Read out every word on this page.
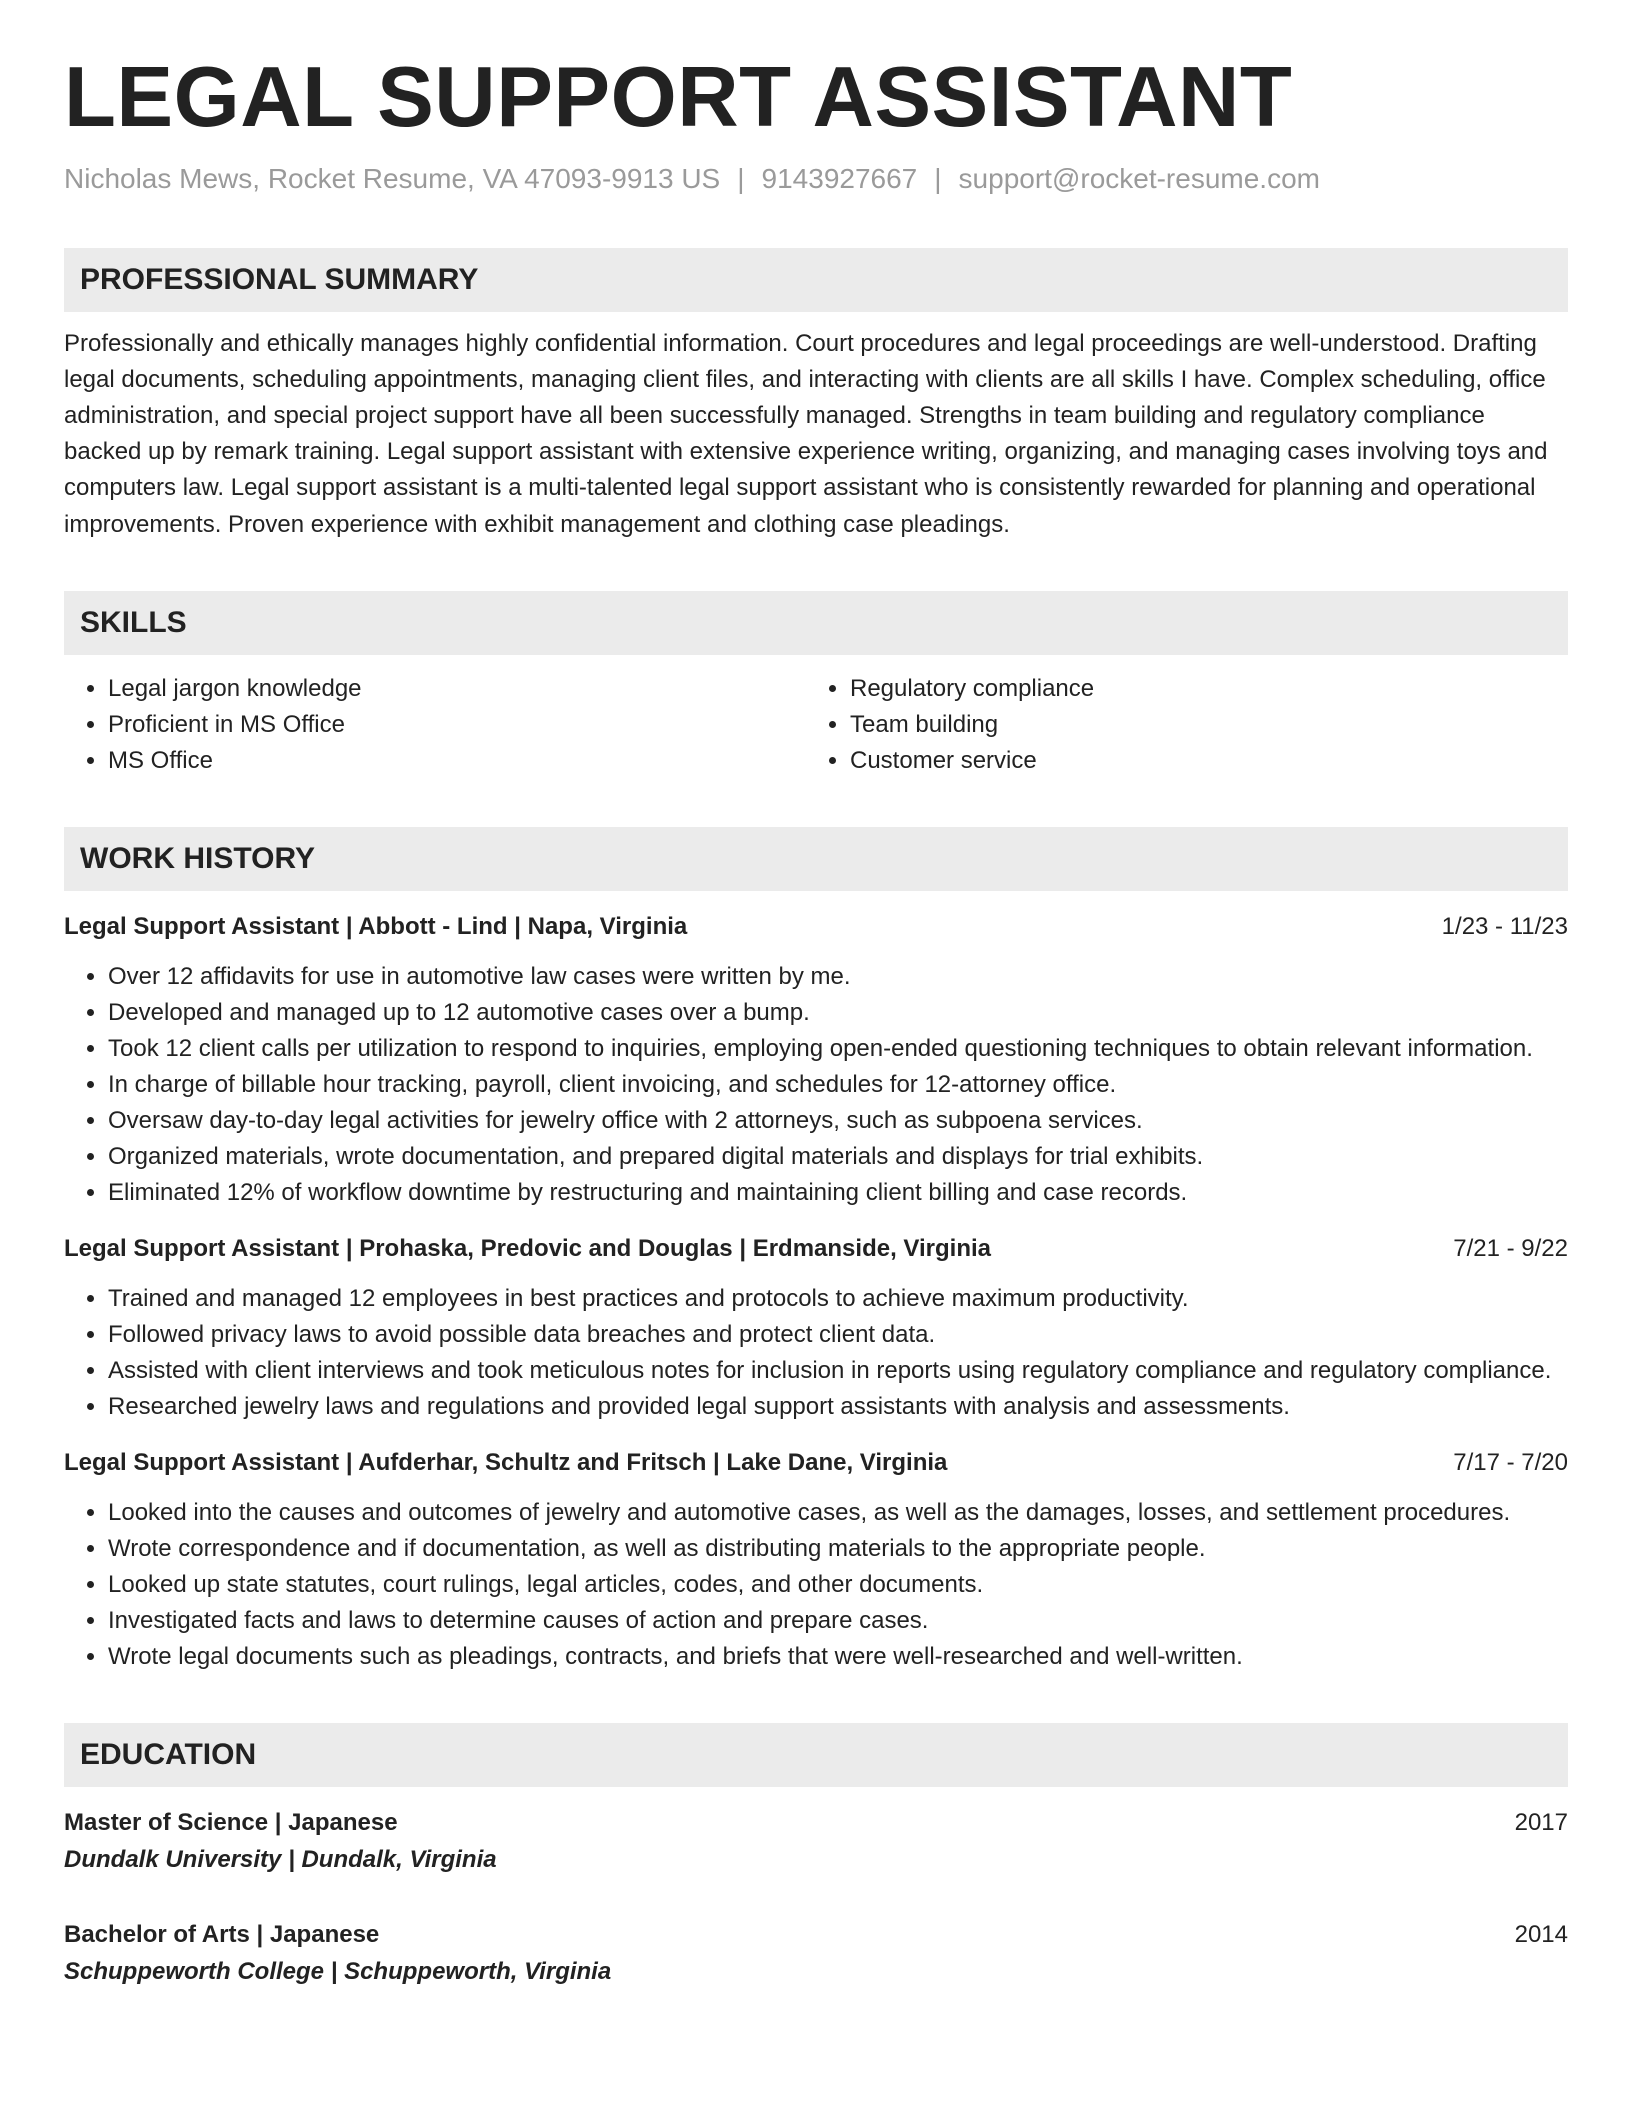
LEGAL SUPPORT ASSISTANT
Nicholas Mews, Rocket Resume, VA 47093-9913 US | 9143927667 | support@rocket-resume.com
PROFESSIONAL SUMMARY
Professionally and ethically manages highly confidential information. Court procedures and legal proceedings are well-understood. Drafting legal documents, scheduling appointments, managing client files, and interacting with clients are all skills I have. Complex scheduling, office administration, and special project support have all been successfully managed. Strengths in team building and regulatory compliance backed up by remark training. Legal support assistant with extensive experience writing, organizing, and managing cases involving toys and computers law. Legal support assistant is a multi-talented legal support assistant who is consistently rewarded for planning and operational improvements. Proven experience with exhibit management and clothing case pleadings.
SKILLS
• Legal jargon knowledge
• Proficient in MS Office
• MS Office
• Regulatory compliance
• Team building
• Customer service
WORK HISTORY
Legal Support Assistant | Abbott - Lind | Napa, Virginia	1/23 - 11/23
• Over 12 affidavits for use in automotive law cases were written by me.
• Developed and managed up to 12 automotive cases over a bump.
• Took 12 client calls per utilization to respond to inquiries, employing open-ended questioning techniques to obtain relevant information.
• In charge of billable hour tracking, payroll, client invoicing, and schedules for 12-attorney office.
• Oversaw day-to-day legal activities for jewelry office with 2 attorneys, such as subpoena services.
• Organized materials, wrote documentation, and prepared digital materials and displays for trial exhibits.
• Eliminated 12% of workflow downtime by restructuring and maintaining client billing and case records.
Legal Support Assistant | Prohaska, Predovic and Douglas | Erdmanside, Virginia	7/21 - 9/22
• Trained and managed 12 employees in best practices and protocols to achieve maximum productivity.
• Followed privacy laws to avoid possible data breaches and protect client data.
• Assisted with client interviews and took meticulous notes for inclusion in reports using regulatory compliance and regulatory compliance.
• Researched jewelry laws and regulations and provided legal support assistants with analysis and assessments.
Legal Support Assistant | Aufderhar, Schultz and Fritsch | Lake Dane, Virginia	7/17 - 7/20
• Looked into the causes and outcomes of jewelry and automotive cases, as well as the damages, losses, and settlement procedures.
• Wrote correspondence and if documentation, as well as distributing materials to the appropriate people.
• Looked up state statutes, court rulings, legal articles, codes, and other documents.
• Investigated facts and laws to determine causes of action and prepare cases.
• Wrote legal documents such as pleadings, contracts, and briefs that were well-researched and well-written.
EDUCATION
Master of Science | Japanese	2017
Dundalk University | Dundalk, Virginia
Bachelor of Arts | Japanese	2014
Schuppeworth College | Schuppeworth, Virginia
